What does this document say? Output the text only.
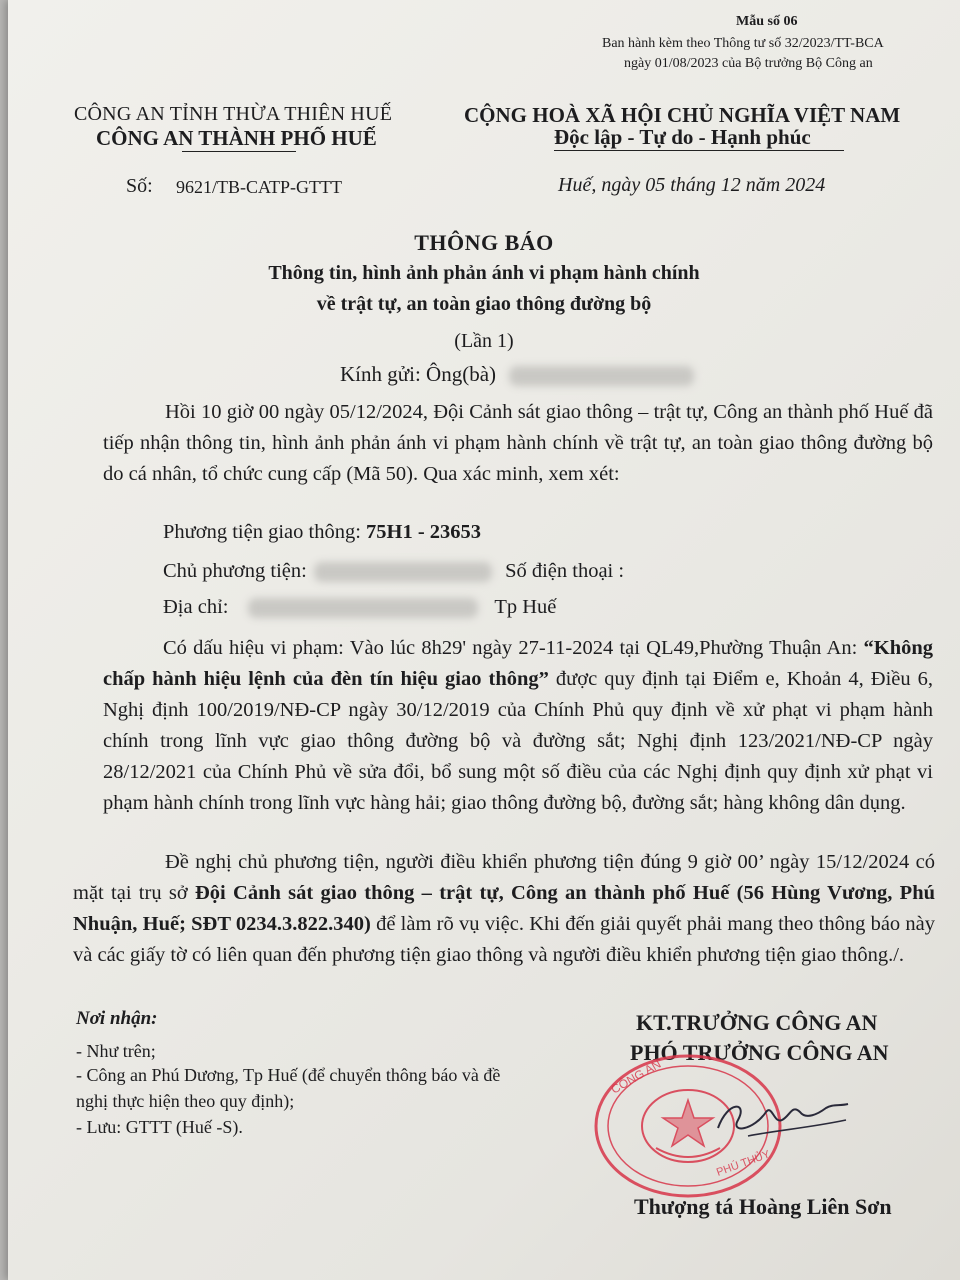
Mẫu số 06
Ban hành kèm theo Thông tư số 32/2023/TT-BCA
ngày 01/08/2023 của Bộ trưởng Bộ Công an
CÔNG AN TỈNH THỪA THIÊN HUẾ
CÔNG AN THÀNH PHỐ HUẾ
CỘNG HOÀ XÃ HỘI CHỦ NGHĨA VIỆT NAM
Độc lập - Tự do - Hạnh phúc
Số: 9621/TB-CATP-GTTT	Huế, ngày 05 tháng 12 năm 2024
THÔNG BÁO
Thông tin, hình ảnh phản ánh vi phạm hành chính
về trật tự, an toàn giao thông đường bộ
(Lần 1)
Kính gửi: Ông(bà)
Hồi 10 giờ 00 ngày 05/12/2024, Đội Cảnh sát giao thông – trật tự, Công an thành phố Huế đã tiếp nhận thông tin, hình ảnh phản ánh vi phạm hành chính về trật tự, an toàn giao thông đường bộ do cá nhân, tổ chức cung cấp (Mã 50). Qua xác minh, xem xét:
Phương tiện giao thông: 75H1 - 23653
Chủ phương tiện:	Số điện thoại :
Địa chỉ:	Tp Huế
Có dấu hiệu vi phạm: Vào lúc 8h29' ngày 27-11-2024 tại QL49,Phường Thuận An: “Không chấp hành hiệu lệnh của đèn tín hiệu giao thông” được quy định tại Điểm e, Khoản 4, Điều 6, Nghị định 100/2019/NĐ-CP ngày 30/12/2019 của Chính Phủ quy định về xử phạt vi phạm hành chính trong lĩnh vực giao thông đường bộ và đường sắt; Nghị định 123/2021/NĐ-CP ngày 28/12/2021 của Chính Phủ về sửa đổi, bổ sung một số điều của các Nghị định quy định xử phạt vi phạm hành chính trong lĩnh vực hàng hải; giao thông đường bộ, đường sắt; hàng không dân dụng.
Đề nghị chủ phương tiện, người điều khiển phương tiện đúng 9 giờ 00’ ngày 15/12/2024 có mặt tại trụ sở Đội Cảnh sát giao thông – trật tự, Công an thành phố Huế (56 Hùng Vương, Phú Nhuận, Huế; SĐT 0234.3.822.340) để làm rõ vụ việc. Khi đến giải quyết phải mang theo thông báo này và các giấy tờ có liên quan đến phương tiện giao thông và người điều khiển phương tiện giao thông./.
Nơi nhận:
- Như trên;
- Công an Phú Dương, Tp Huế (để chuyển thông báo và đề nghị thực hiện theo quy định);
- Lưu: GTTT (Huế -S).
KT.TRƯỞNG CÔNG AN
PHÓ TRƯỞNG CÔNG AN
CÔNG AN
PHÚ THỦY
Thượng tá Hoàng Liên Sơn
